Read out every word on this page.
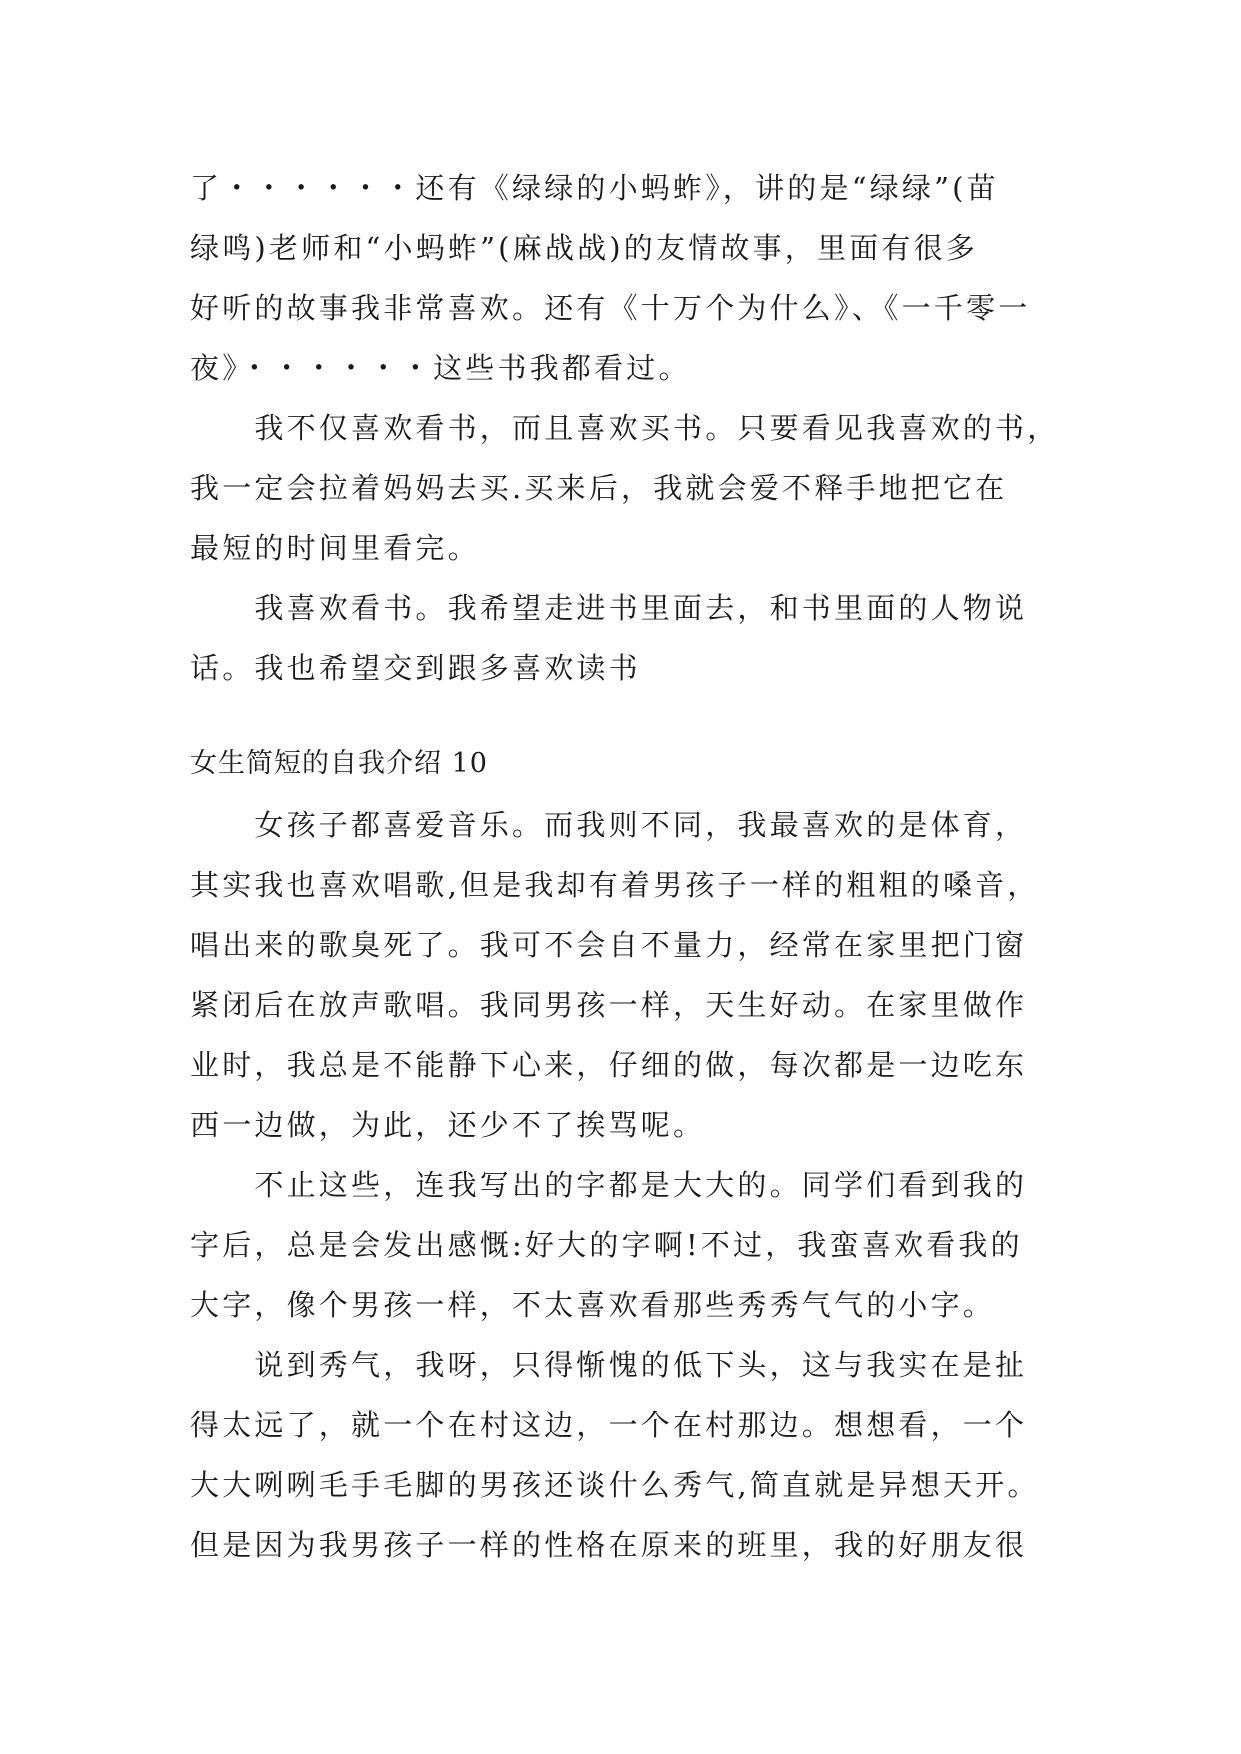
了・・・・・・还有《绿绿的小蚂蚱》，讲的是“绿绿”(苗
绿鸣)老师和“小蚂蚱”(麻战战)的友情故事，里面有很多
好听的故事我非常喜欢。还有《十万个为什么》、《一千零一
夜》・・・・・・这些书我都看过。
　　我不仅喜欢看书，而且喜欢买书。只要看见我喜欢的书，
我一定会拉着妈妈去买.买来后，我就会爱不释手地把它在
最短的时间里看完。
　　我喜欢看书。我希望走进书里面去，和书里面的人物说
话。我也希望交到跟多喜欢读书
女生简短的自我介绍 10
　　女孩子都喜爱音乐。而我则不同，我最喜欢的是体育，
其实我也喜欢唱歌,但是我却有着男孩子一样的粗粗的嗓音，
唱出来的歌臭死了。我可不会自不量力，经常在家里把门窗
紧闭后在放声歌唱。我同男孩一样，天生好动。在家里做作
业时，我总是不能静下心来，仔细的做，每次都是一边吃东
西一边做，为此，还少不了挨骂呢。
　　不止这些，连我写出的字都是大大的。同学们看到我的
字后，总是会发出感慨:好大的字啊!不过，我蛮喜欢看我的
大字，像个男孩一样，不太喜欢看那些秀秀气气的小字。
　　说到秀气，我呀，只得惭愧的低下头，这与我实在是扯
得太远了，就一个在村这边，一个在村那边。想想看，一个
大大咧咧毛手毛脚的男孩还谈什么秀气,简直就是异想天开。
但是因为我男孩子一样的性格在原来的班里，我的好朋友很
